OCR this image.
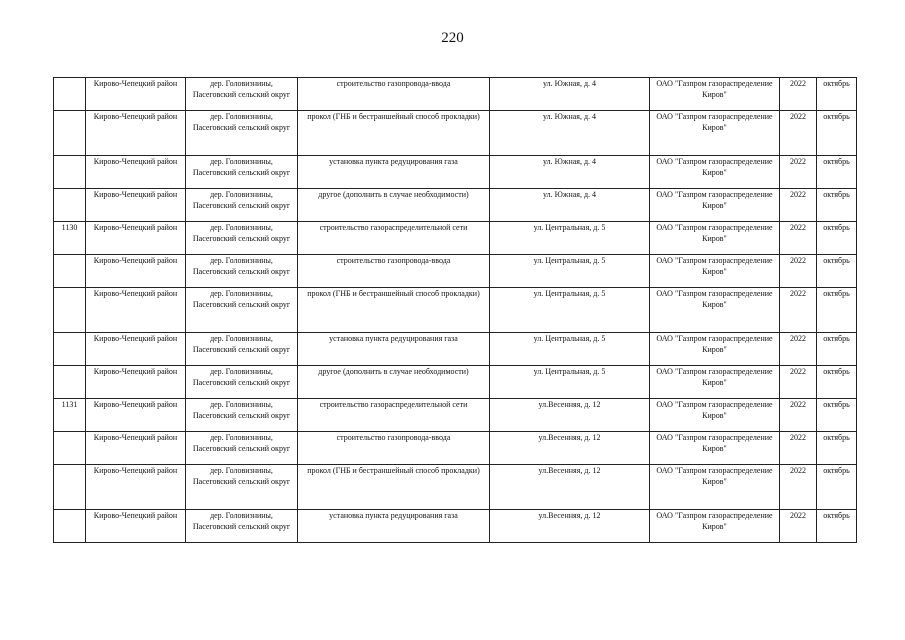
220
	Кирово-Чепецкий район	дер. Головизнины,
Пасеговский сельский округ	строительство газопровода-ввода	ул. Южная, д. 4	ОАО "Газпром газораспределение
Киров"	2022	октябрь
	Кирово-Чепецкий район	дер. Головизнины,
Пасеговский сельский округ	прокол (ГНБ и бестраншейный способ прокладки)	ул. Южная, д. 4	ОАО "Газпром газораспределение
Киров"	2022	октябрь
	Кирово-Чепецкий район	дер. Головизнины,
Пасеговский сельский округ	установка пункта редуцирования газа	ул. Южная, д. 4	ОАО "Газпром газораспределение
Киров"	2022	октябрь
	Кирово-Чепецкий район	дер. Головизнины,
Пасеговский сельский округ	другое (дополнить в случае необходимости)	ул. Южная, д. 4	ОАО "Газпром газораспределение
Киров"	2022	октябрь
1130	Кирово-Чепецкий район	дер. Головизнины,
Пасеговский сельский округ	строительство газораспределительной сети	ул. Центральная, д. 5	ОАО "Газпром газораспределение
Киров"	2022	октябрь
	Кирово-Чепецкий район	дер. Головизнины,
Пасеговский сельский округ	строительство газопровода-ввода	ул. Центральная, д. 5	ОАО "Газпром газораспределение
Киров"	2022	октябрь
	Кирово-Чепецкий район	дер. Головизнины,
Пасеговский сельский округ	прокол (ГНБ и бестраншейный способ прокладки)	ул. Центральная, д. 5	ОАО "Газпром газораспределение
Киров"	2022	октябрь
	Кирово-Чепецкий район	дер. Головизнины,
Пасеговский сельский округ	установка пункта редуцирования газа	ул. Центральная, д. 5	ОАО "Газпром газораспределение
Киров"	2022	октябрь
	Кирово-Чепецкий район	дер. Головизнины,
Пасеговский сельский округ	другое (дополнить в случае необходимости)	ул. Центральная, д. 5	ОАО "Газпром газораспределение
Киров"	2022	октябрь
1131	Кирово-Чепецкий район	дер. Головизнины,
Пасеговский сельский округ	строительство газораспределительной сети	ул.Весенняя, д. 12	ОАО "Газпром газораспределение
Киров"	2022	октябрь
	Кирово-Чепецкий район	дер. Головизнины,
Пасеговский сельский округ	строительство газопровода-ввода	ул.Весенняя, д. 12	ОАО "Газпром газораспределение
Киров"	2022	октябрь
	Кирово-Чепецкий район	дер. Головизнины,
Пасеговский сельский округ	прокол (ГНБ и бестраншейный способ прокладки)	ул.Весенняя, д. 12	ОАО "Газпром газораспределение
Киров"	2022	октябрь
	Кирово-Чепецкий район	дер. Головизнины,
Пасеговский сельский округ	установка пункта редуцирования газа	ул.Весенняя, д. 12	ОАО "Газпром газораспределение
Киров"	2022	октябрь
